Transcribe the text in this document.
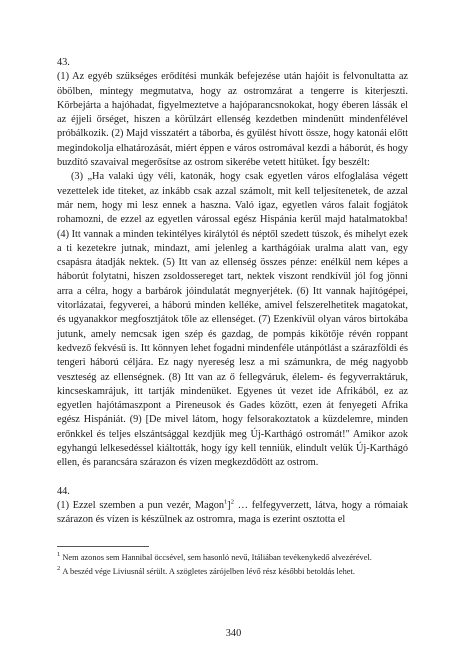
43.

(1) Az egyéb szükséges erődítési munkák befejezése után hajóit is felvonultatta az öbölben, mintegy megmutatva, hogy az ostromzárat a tengerre is kiterjeszti. Körbejárta a hajóhadat, figyelmeztetve a hajóparancsnokokat, hogy éberen lássák el az éjjeli őrséget, hiszen a körülzárt ellenség kezdetben mindenütt mindenfélével próbálkozik. (2) Majd visszatért a táborba, és gyűlést hívott össze, hogy katonái előtt megindokolja elhatározását, miért éppen e város ostromával kezdi a háborút, és hogy buzdító szavaival megerősítse az ostrom sikerébe vetett hitüket. Így beszélt:

(3) „Ha valaki úgy véli, katonák, hogy csak egyetlen város elfoglalása végett vezettelek ide titeket, az inkább csak azzal számolt, mit kell teljesítenetek, de azzal már nem, hogy mi lesz ennek a haszna. Való igaz, egyetlen város falait fogjátok rohamozni, de ezzel az egyetlen várossal egész Hispánia kerül majd hatalmatokba! (4) Itt vannak a minden tekintélyes királytól és néptől szedett túszok, és mihelyt ezek a ti kezetekre jutnak, mindazt, ami jelenleg a karthágóiak uralma alatt van, egy csapásra átadják nektek. (5) Itt van az ellenség összes pénze: enélkül nem képes a háborút folytatni, hiszen zsoldossereget tart, nektek viszont rendkívül jól fog jönni arra a célra, hogy a barbárok jóindulatát megnyerjétek. (6) Itt vannak hajítógépei, vitorlázatai, fegyverei, a háború minden kelléke, amivel felszerelhetitek magatokat, és ugyanakkor megfosztjátok tőle az ellenséget. (7) Ezenkívül olyan város birtokába jutunk, amely nemcsak igen szép és gazdag, de pompás kikötője révén roppant kedvező fekvésű is. Itt könnyen lehet fogadni mindenféle utánpótlást a szárazföldi és tengeri háború céljára. Ez nagy nyereség lesz a mi számunkra, de még nagyobb veszteség az ellenségnek. (8) Itt van az ő fellegváruk, élelem- és fegyverraktáruk, kincseskamrájuk, itt tartják mindenüket. Egyenes út vezet ide Afrikából, ez az egyetlen hajótámaszpont a Pireneusok és Gades között, ezen át fenyegeti Afrika egész Hispániát. (9) [De mivel látom, hogy felsorakoztatok a küzdelemre, minden erőnkkel és teljes elszántsággal kezdjük meg Új-Karthágó ostromát!" Amikor azok egyhangú lelkesedéssel kiáltották, hogy így kell tenniük, elindult velük Új-Karthágó ellen, és parancsára szárazon és vízen megkezdődött az ostrom.

44.

(1) Ezzel szemben a pun vezér, Magon$^1$]$^2$ … felfegyverzett, látva, hogy a rómaiak szárazon és vízen is készülnek az ostromra, maga is ezerint osztotta el

$^1$ Nem azonos sem Hannibal öccsével, sem hasonló nevű, Itáliában tevékenykedő alvezérével.

$^2$ A beszéd vége Liviusnál sérült. A szögletes zárójelben lévő rész későbbi betoldás lehet.

340
